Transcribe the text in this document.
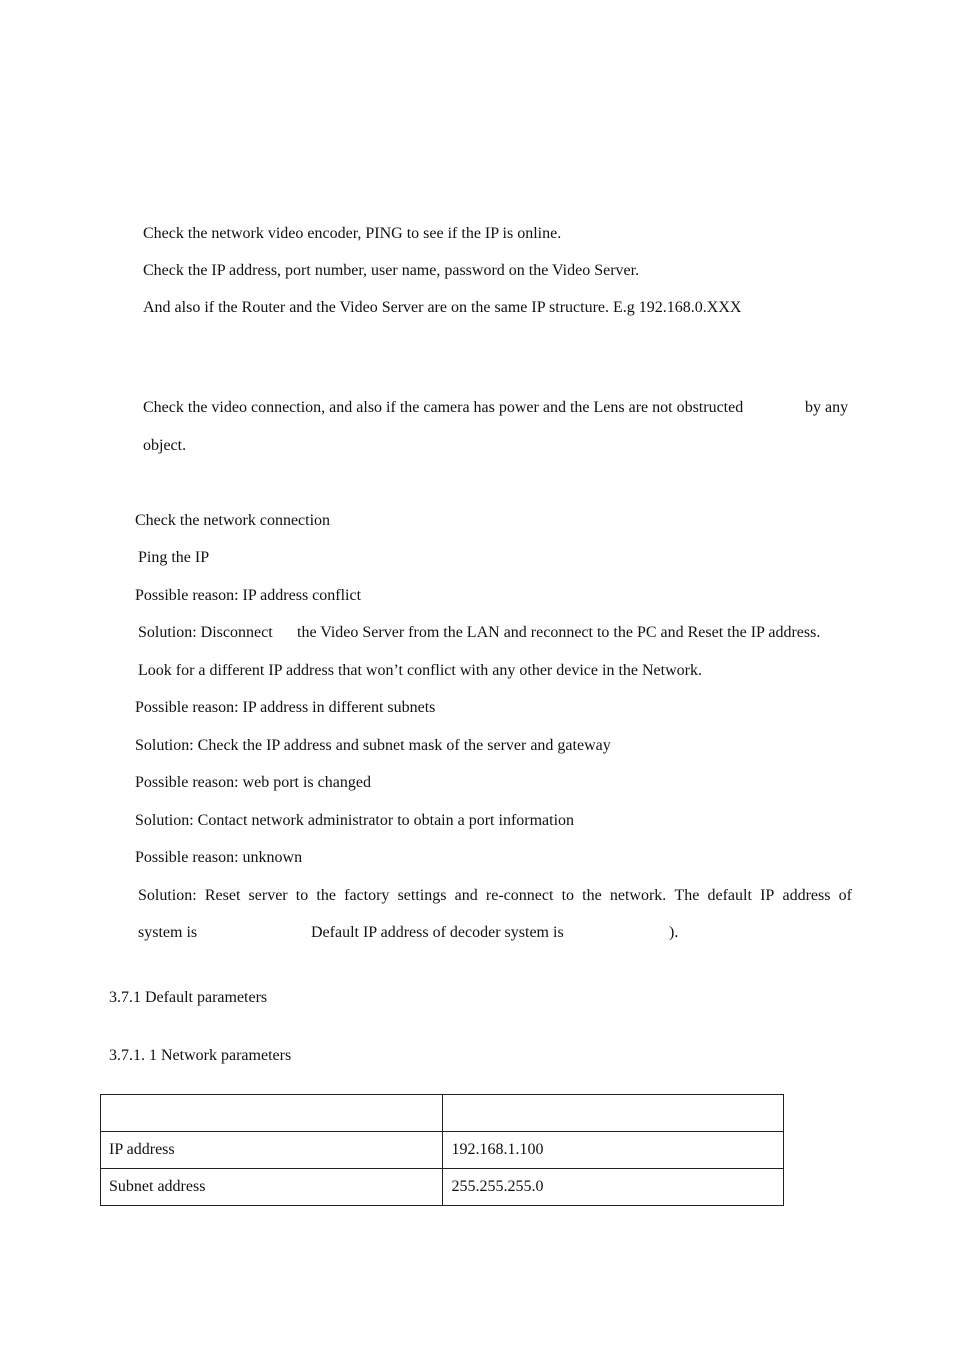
Check the network video encoder, PING to see if the IP is online.
Check the IP address, port number, user name, password on the Video Server.
And also if the Router and the Video Server are on the same IP structure. E.g 192.168.0.XXX
Check the video connection, and also if the camera has power and the Lens are not obstructed	by any
object.
Check the network connection
Ping the IP
Possible reason: IP address conflict
Solution: Disconnect the Video Server from the LAN and reconnect to the PC and Reset the IP address.
Look for a different IP address that won’t conflict with any other device in the Network.
Possible reason: IP address in different subnets
Solution: Check the IP address and subnet mask of the server and gateway
Possible reason: web port is changed
Solution: Contact network administrator to obtain a port information
Possible reason: unknown
Solution: Reset server to the factory settings and re-connect to the network. The default IP address of
system is	Default IP address of decoder system is	).
3.7.1 Default parameters
3.7.1. 1 Network parameters

IP address	192.168.1.100
Subnet address	255.255.255.0
